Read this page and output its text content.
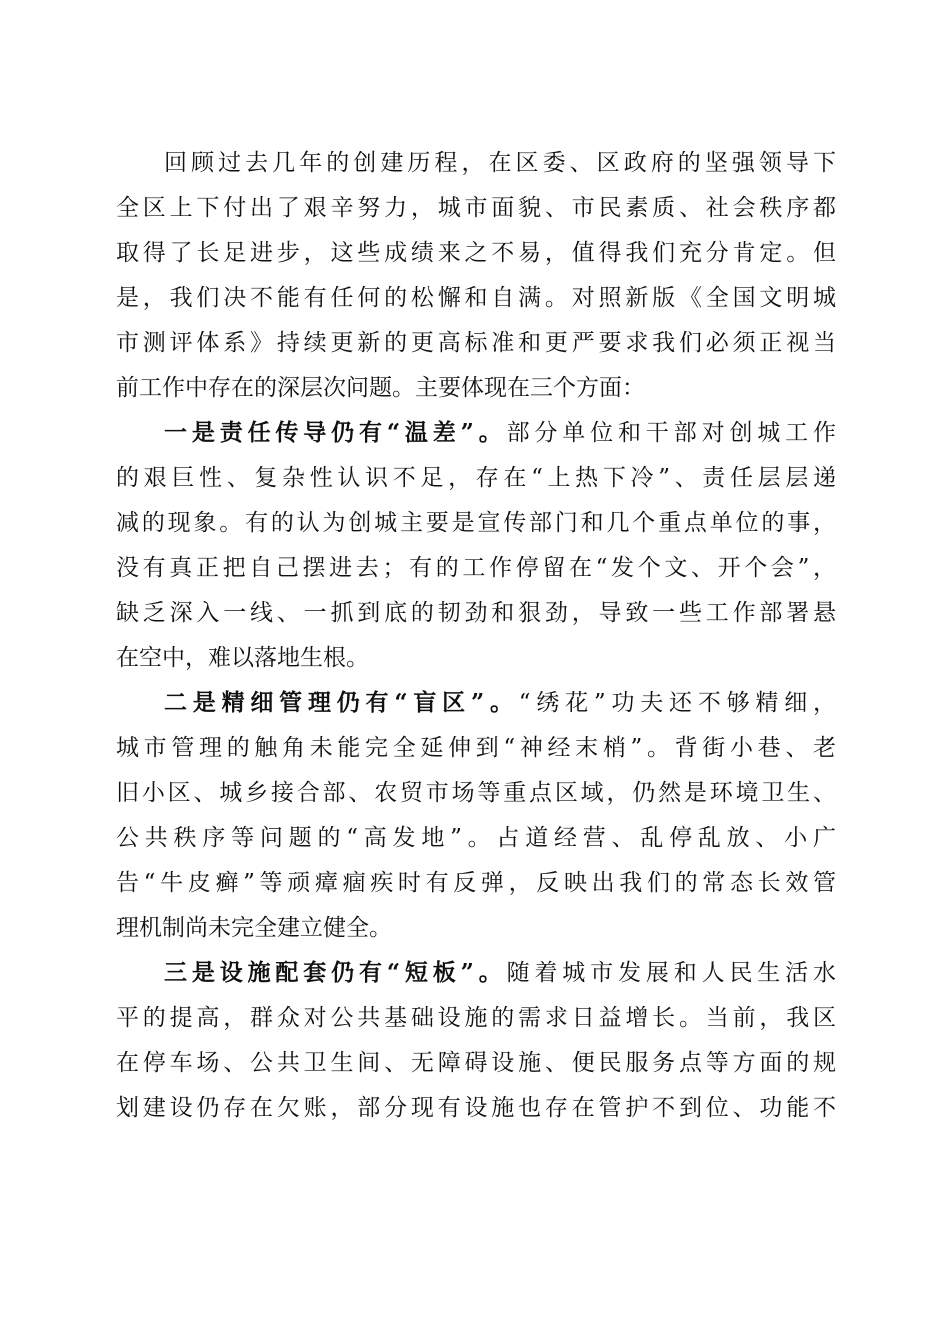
回顾过去几年的创建历程，在区委、区政府的坚强领导下
全区上下付出了艰辛努力，城市面貌、市民素质、社会秩序都
取得了长足进步，这些成绩来之不易，值得我们充分肯定。但
是，我们决不能有任何的松懈和自满。对照新版《全国文明城
市测评体系》持续更新的更高标准和更严要求我们必须正视当
前工作中存在的深层次问题。主要体现在三个方面：
一是责任传导仍有“温差”。部分单位和干部对创城工作
的艰巨性、复杂性认识不足，存在“上热下冷”、责任层层递
减的现象。有的认为创城主要是宣传部门和几个重点单位的事，
没有真正把自己摆进去；有的工作停留在“发个文、开个会”，
缺乏深入一线、一抓到底的韧劲和狠劲，导致一些工作部署悬
在空中，难以落地生根。
二是精细管理仍有“盲区”。“绣花”功夫还不够精细，
城市管理的触角未能完全延伸到“神经末梢”。背街小巷、老
旧小区、城乡接合部、农贸市场等重点区域，仍然是环境卫生、
公共秩序等问题的“高发地”。占道经营、乱停乱放、小广
告“牛皮癣”等顽瘴痼疾时有反弹，反映出我们的常态长效管
理机制尚未完全建立健全。
三是设施配套仍有“短板”。随着城市发展和人民生活水
平的提高，群众对公共基础设施的需求日益增长。当前，我区
在停车场、公共卫生间、无障碍设施、便民服务点等方面的规
划建设仍存在欠账，部分现有设施也存在管护不到位、功能不
